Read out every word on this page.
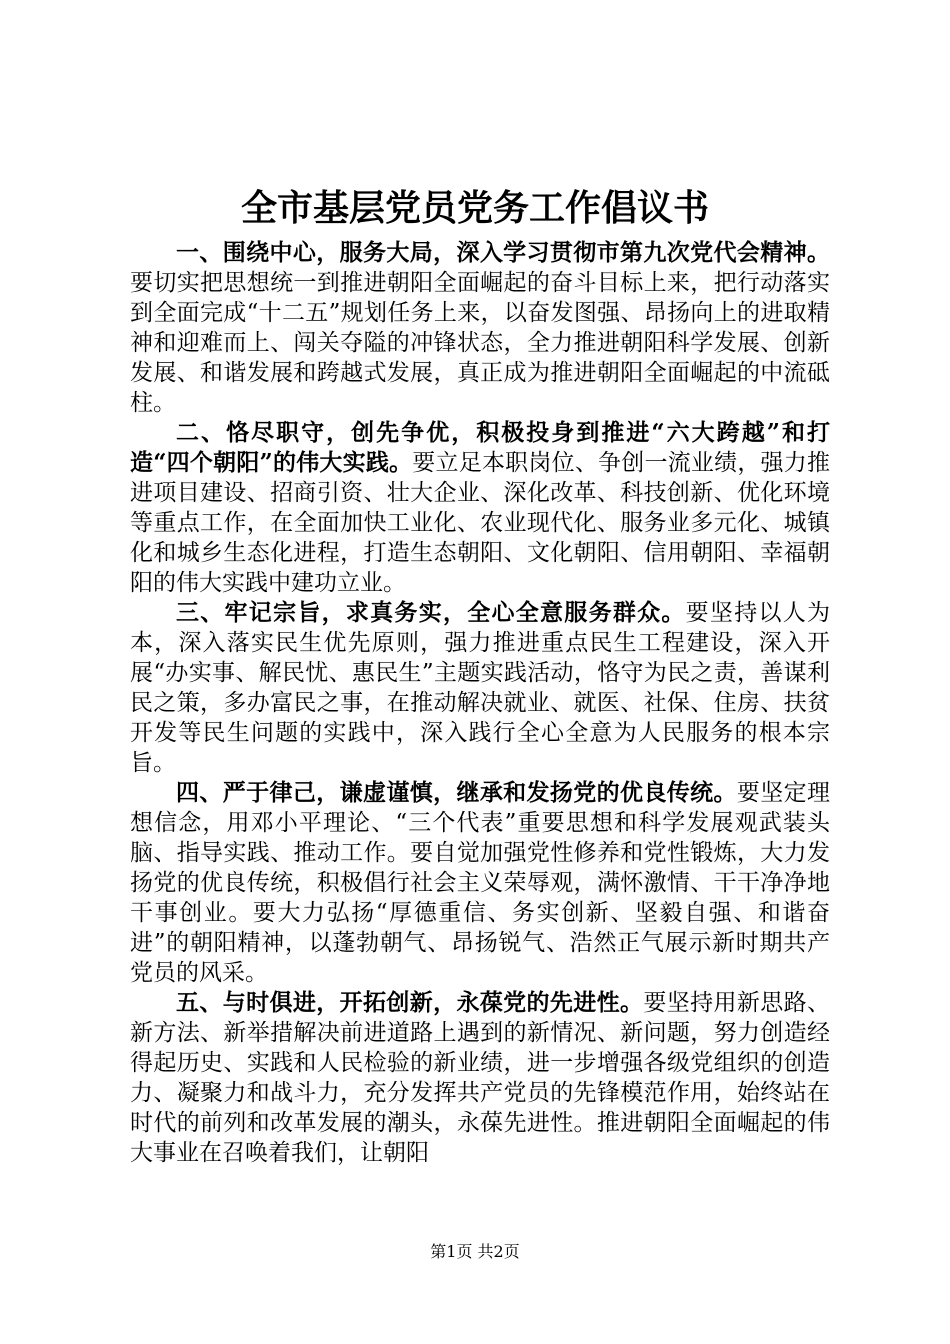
全市基层党员党务工作倡议书

一、围绕中心，服务大局，深入学习贯彻市第九次党代会精神。要切实把思想统一到推进朝阳全面崛起的奋斗目标上来，把行动落实到全面完成“十二五”规划任务上来，以奋发图强、昂扬向上的进取精神和迎难而上、闯关夺隘的冲锋状态，全力推进朝阳科学发展、创新发展、和谐发展和跨越式发展，真正成为推进朝阳全面崛起的中流砥柱。

二、恪尽职守，创先争优，积极投身到推进“六大跨越”和打造“四个朝阳”的伟大实践。要立足本职岗位、争创一流业绩，强力推进项目建设、招商引资、壮大企业、深化改革、科技创新、优化环境等重点工作，在全面加快工业化、农业现代化、服务业多元化、城镇化和城乡生态化进程，打造生态朝阳、文化朝阳、信用朝阳、幸福朝阳的伟大实践中建功立业。

三、牢记宗旨，求真务实，全心全意服务群众。要坚持以人为本，深入落实民生优先原则，强力推进重点民生工程建设，深入开展“办实事、解民忧、惠民生”主题实践活动，恪守为民之责，善谋利民之策，多办富民之事，在推动解决就业、就医、社保、住房、扶贫开发等民生问题的实践中，深入践行全心全意为人民服务的根本宗旨。

四、严于律己，谦虚谨慎，继承和发扬党的优良传统。要坚定理想信念，用邓小平理论、“三个代表”重要思想和科学发展观武装头脑、指导实践、推动工作。要自觉加强党性修养和党性锻炼，大力发扬党的优良传统，积极倡行社会主义荣辱观，满怀激情、干干净净地干事创业。要大力弘扬“厚德重信、务实创新、坚毅自强、和谐奋进”的朝阳精神，以蓬勃朝气、昂扬锐气、浩然正气展示新时期共产党员的风采。

五、与时俱进，开拓创新，永葆党的先进性。要坚持用新思路、新方法、新举措解决前进道路上遇到的新情况、新问题，努力创造经得起历史、实践和人民检验的新业绩，进一步增强各级党组织的创造力、凝聚力和战斗力，充分发挥共产党员的先锋模范作用，始终站在时代的前列和改革发展的潮头，永葆先进性。推进朝阳全面崛起的伟大事业在召唤着我们，让朝阳

第1页 共2页
